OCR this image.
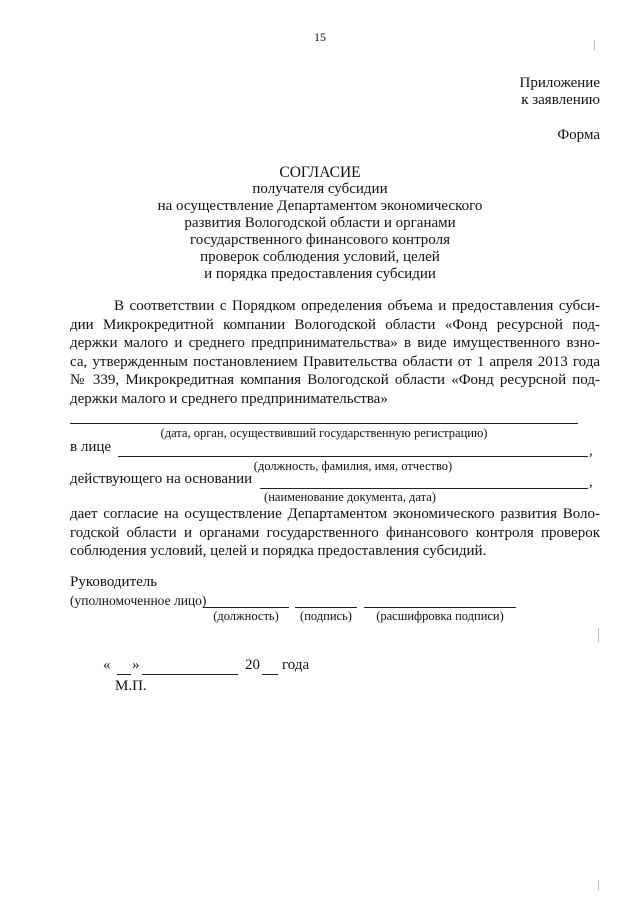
15
Приложение
к заявлению
Форма
СОГЛАСИЕ
получателя субсидии
на осуществление Департаментом экономического
развития Вологодской области и органами
государственного финансового контроля
проверок соблюдения условий, целей
и порядка предоставления субсидии
В соответствии с Порядком определения объема и предоставления субси-
дии Микрокредитной компании Вологодской области «Фонд ресурсной под-
держки малого и среднего предпринимательства» в виде имущественного взно-
са, утвержденным постановлением Правительства области от 1 апреля 2013 года
№ 339, Микрокредитная компания Вологодской области «Фонд ресурсной под-
держки малого и среднего предпринимательства»
(дата, орган, осуществивший государственную регистрацию)
в лице	,
(должность, фамилия, имя, отчество)
действующего на основании	,
(наименование документа, дата)
дает согласие на осуществление Департаментом экономического развития Воло-
годской области и органами государственного финансового контроля проверок
соблюдения условий, целей и порядка предоставления субсидий.
Руководитель
(уполномоченное лицо)
(должность)	(подпись)	(расшифровка подписи)
« »	20 года
М.П.
